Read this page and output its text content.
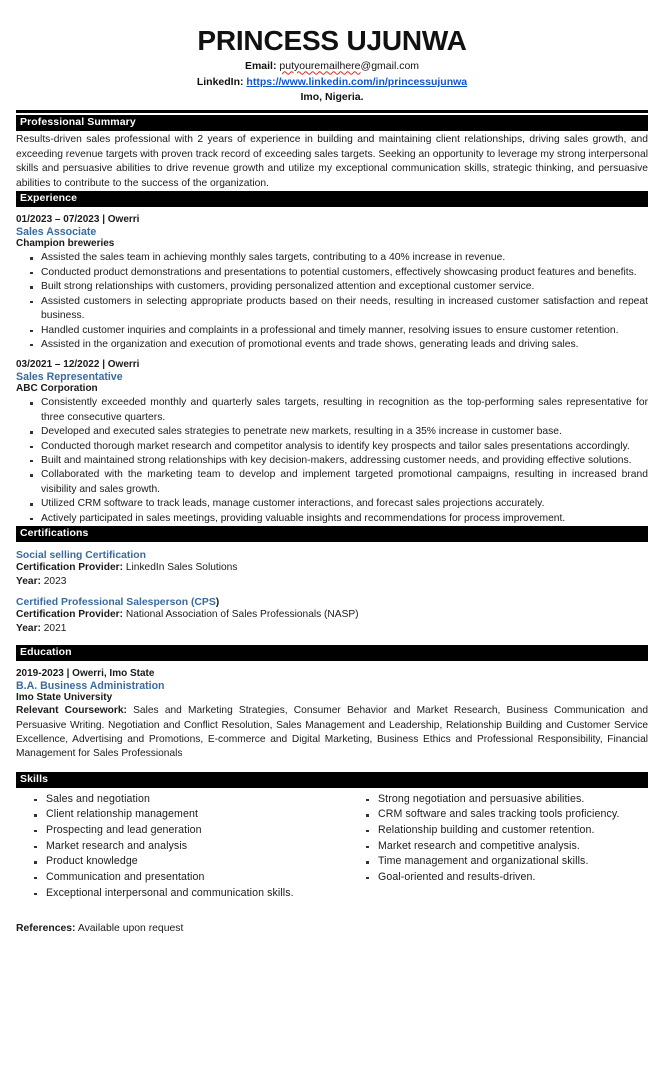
PRINCESS UJUNWA
Email: putyouremailhere@gmail.com
LinkedIn: https://www.linkedin.com/in/princessujunwa
Imo, Nigeria.
Professional Summary

Results-driven sales professional with 2 years of experience in building and maintaining client relationships, driving sales growth, and exceeding revenue targets with proven track record of exceeding sales targets. Seeking an opportunity to leverage my strong interpersonal skills and persuasive abilities to drive revenue growth and utilize my exceptional communication skills, strategic thinking, and persuasive abilities to contribute to the success of the organization.

Experience
01/2023 – 07/2023 | Owerri
Sales Associate
Champion breweries
Assisted the sales team in achieving monthly sales targets, contributing to a 40% increase in revenue.
Conducted product demonstrations and presentations to potential customers, effectively showcasing product features and benefits.
Built strong relationships with customers, providing personalized attention and exceptional customer service.
Assisted customers in selecting appropriate products based on their needs, resulting in increased customer satisfaction and repeat business.
Handled customer inquiries and complaints in a professional and timely manner, resolving issues to ensure customer retention.
Assisted in the organization and execution of promotional events and trade shows, generating leads and driving sales.
03/2021 – 12/2022 | Owerri
Sales Representative
ABC Corporation
Consistently exceeded monthly and quarterly sales targets, resulting in recognition as the top-performing sales representative for three consecutive quarters.
Developed and executed sales strategies to penetrate new markets, resulting in a 35% increase in customer base.
Conducted thorough market research and competitor analysis to identify key prospects and tailor sales presentations accordingly.
Built and maintained strong relationships with key decision-makers, addressing customer needs, and providing effective solutions.
Collaborated with the marketing team to develop and implement targeted promotional campaigns, resulting in increased brand visibility and sales growth.
Utilized CRM software to track leads, manage customer interactions, and forecast sales projections accurately.
Actively participated in sales meetings, providing valuable insights and recommendations for process improvement.
Certifications
Social selling Certification
Certification Provider: LinkedIn Sales Solutions
Year: 2023
Certified Professional Salesperson (CPS)
Certification Provider: National Association of Sales Professionals (NASP)
Year: 2021
Education
2019-2023 | Owerri, Imo State
B.A. Business Administration
Imo State University

Relevant Coursework: Sales and Marketing Strategies, Consumer Behavior and Market Research, Business Communication and Persuasive Writing. Negotiation and Conflict Resolution, Sales Management and Leadership, Relationship Building and Customer Service Excellence, Advertising and Promotions, E-commerce and Digital Marketing, Business Ethics and Professional Responsibility, Financial Management for Sales Professionals

Skills
Sales and negotiation
Client relationship management
Prospecting and lead generation
Market research and analysis
Product knowledge
Communication and presentation
Exceptional interpersonal and communication skills.
Strong negotiation and persuasive abilities.
CRM software and sales tracking tools proficiency.
Relationship building and customer retention.
Market research and competitive analysis.
Time management and organizational skills.
Goal-oriented and results-driven.
References: Available upon request
